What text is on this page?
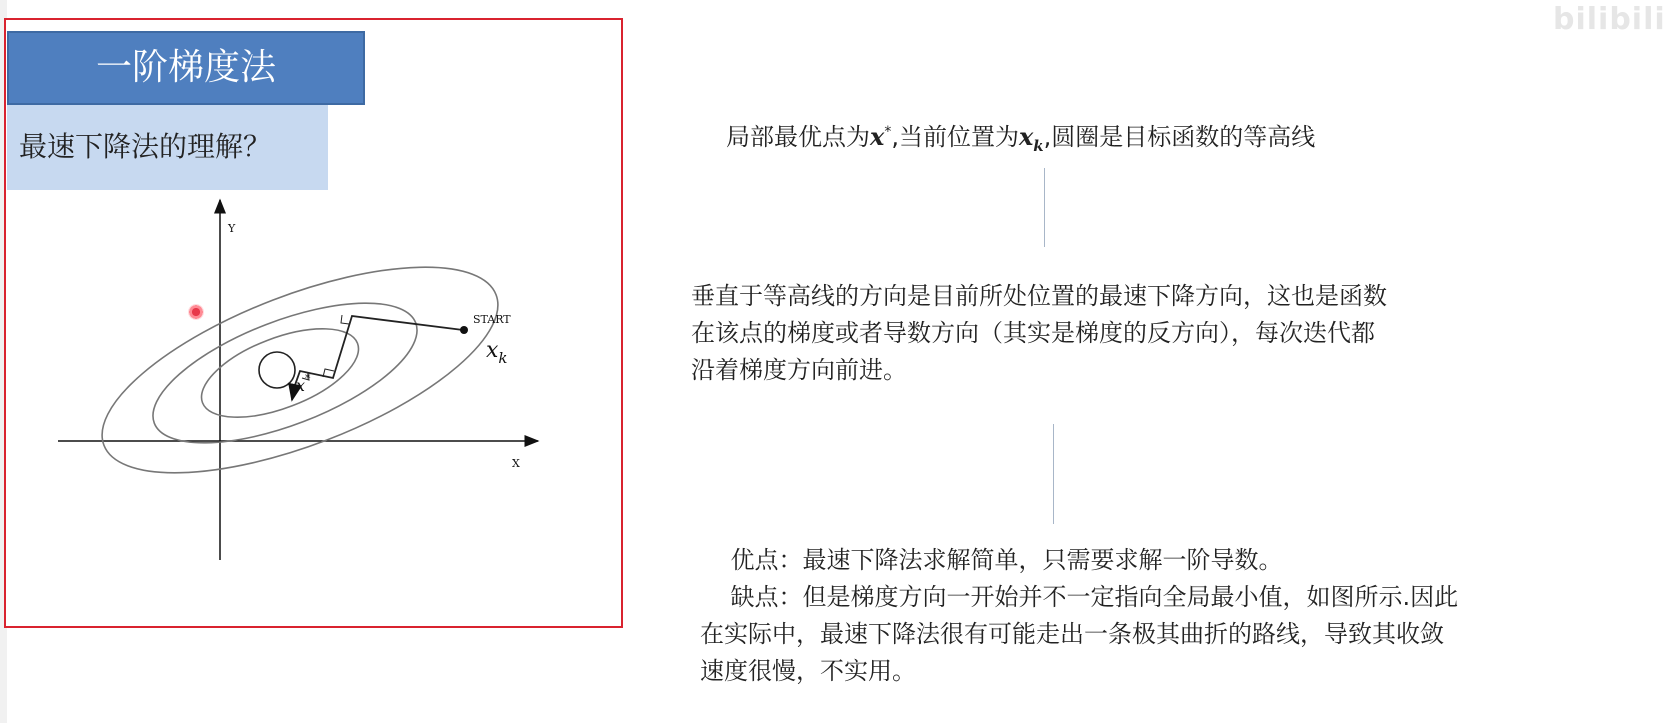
bilibili
一阶梯度法
最速下降法的理解？
Y
X
START
$x_k$
x*
局部最优点为x*,当前位置为$x_k$,圆圈是目标函数的等高线
垂直于等高线的方向是目前所处位置的最速下降方向，这也是函数
在该点的梯度或者导数方向（其实是梯度的反方向），每次迭代都
沿着梯度方向前进。
优点：最速下降法求解简单，只需要求解一阶导数。
缺点：但是梯度方向一开始并不一定指向全局最小值，如图所示.因此
在实际中，最速下降法很有可能走出一条极其曲折的路线，导致其收敛
速度很慢，不实用。
